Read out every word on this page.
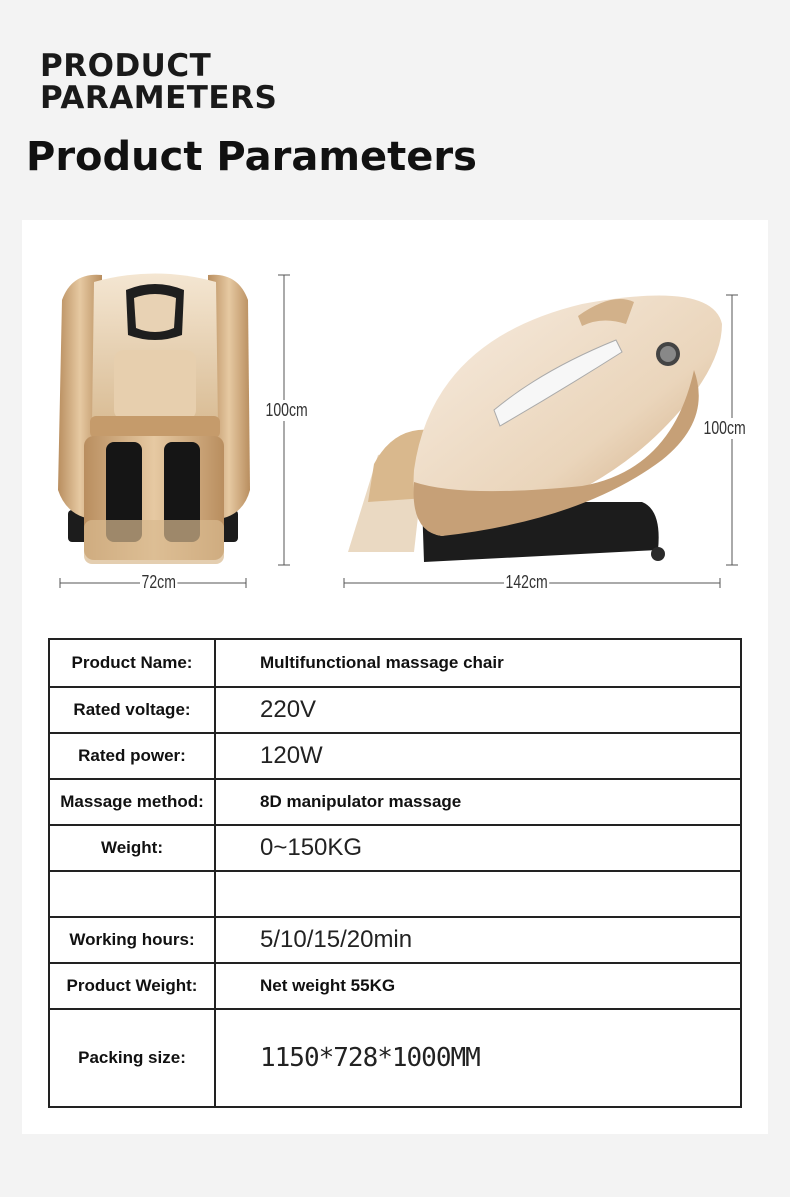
PRODUCT
PARAMETERS
Product Parameters
100cm
72cm
100cm
142cm
Product Name:	Multifunctional massage chair
Rated voltage:	220V
Rated power:	120W
Massage method:	8D manipulator massage
Weight:	0~150KG

Working hours:	5/10/15/20min
Product Weight:	Net weight 55KG
Packing size:	1150*728*1000MM
